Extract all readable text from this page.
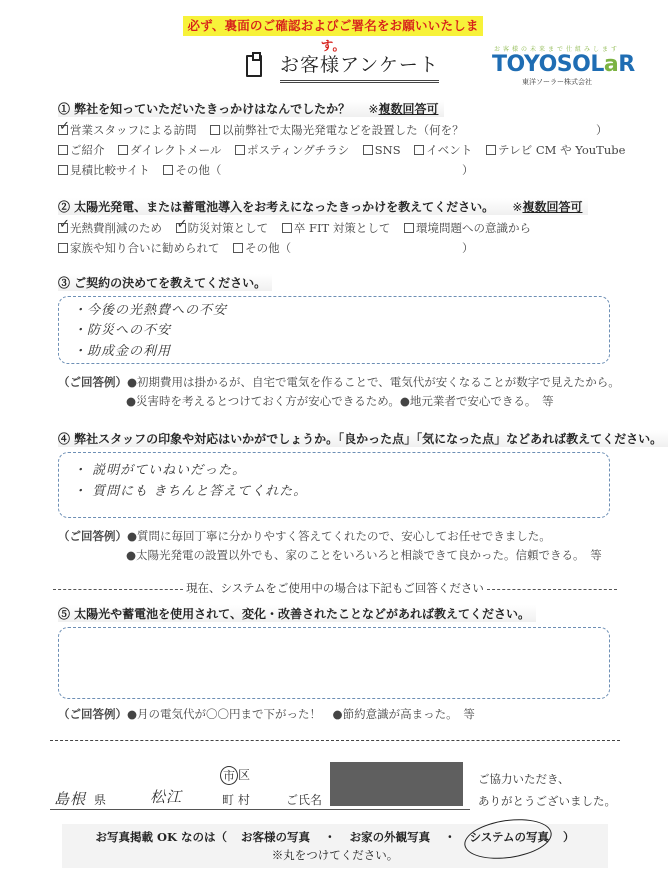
必ず、裏面のご確認およびご署名をお願いいたします。
お客様アンケート
お客様の未来まで仕組みします
TOYOSOLaR
東洋ソーラー株式会社
① 弊社を知っていただいたきっかけはなんでしたか？ ※複数回答可
✓営業スタッフによる訪問 以前弊社で太陽光発電などを設置した（何を？	）
ご紹介 ダイレクトメール ポスティングチラシ SNS イベント テレビ CM や YouTube
見積比較サイト その他（	）
② 太陽光発電、または蓄電池導入をお考えになったきっかけを教えてください。 ※複数回答可
✓光熱費削減のため ✓ 防災対策として 卒 FIT 対策として 環境問題への意識から
家族や知り合いに勧められて その他（	）
③ ご契約の決めてを教えてください。
・今後の光熱費への不安
・防災への不安
・助成金の利用
（ご回答例）●初期費用は掛かるが、自宅で電気を作ることで、電気代が安くなることが数字で見えたから。
●災害時を考えるとつけておく方が安心できるため。●地元業者で安心できる。　等
④ 弊社スタッフの印象や対応はいかがでしょうか。「良かった点」「気になった点」などあれば教えてください。
・ 説明がていねいだった。
・ 質問にも きちんと答えてくれた。
（ご回答例）●質問に毎回丁寧に分かりやすく答えてくれたので、安心してお任せできました。
●太陽光発電の設置以外でも、家のことをいろいろと相談できて良かった。信頼できる。　等
現在、システムをご使用中の場合は下記もご回答ください
⑤ 太陽光や蓄電池を使用されて、変化・改善されたことなどがあれば教えてください。
（ご回答例）●月の電気代が〇〇円まで下がった！　●節約意識が高まった。　等
島根 県	松江
市 区
町 村	ご氏名
ご協力いただき、
ありがとうございました。
お写真掲載 OK なのは（ お客様の写真 ・ お家の外観写真 ・ システムの写真 ）
※丸をつけてください。
